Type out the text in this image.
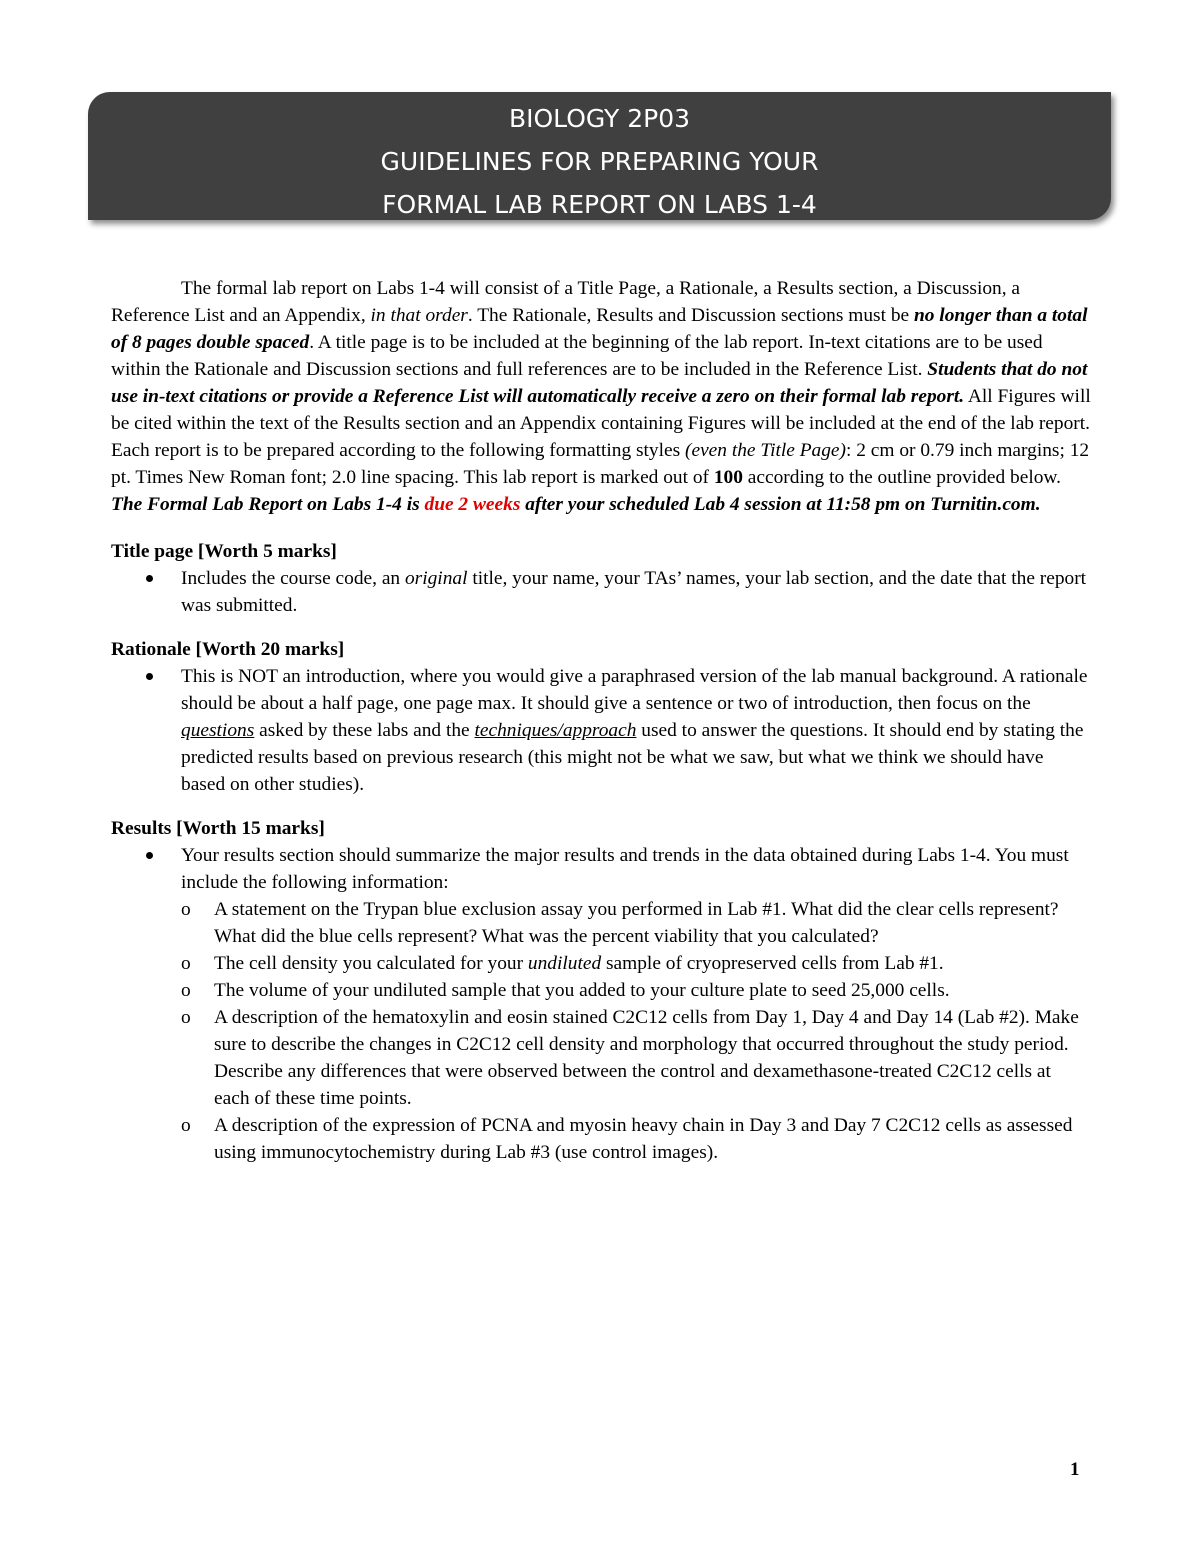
BIOLOGY 2P03
GUIDELINES FOR PREPARING YOUR
FORMAL LAB REPORT ON LABS 1-4

The formal lab report on Labs 1-4 will consist of a Title Page, a Rationale, a Results section, a Discussion, a Reference List and an Appendix, in that order. The Rationale, Results and Discussion sections must be no longer than a total of 8 pages double spaced. A title page is to be included at the beginning of the lab report. In-text citations are to be used within the Rationale and Discussion sections and full references are to be included in the Reference List. Students that do not use in-text citations or provide a Reference List will automatically receive a zero on their formal lab report. All Figures will be cited within the text of the Results section and an Appendix containing Figures will be included at the end of the lab report. Each report is to be prepared according to the following formatting styles (even the Title Page): 2 cm or 0.79 inch margins; 12 pt. Times New Roman font; 2.0 line spacing. This lab report is marked out of 100 according to the outline provided below. The Formal Lab Report on Labs 1-4 is due 2 weeks after your scheduled Lab 4 session at 11:58 pm on Turnitin.com.

Title page [Worth 5 marks]
Includes the course code, an original title, your name, your TAs’ names, your lab section, and the date that the report was submitted.
Rationale [Worth 20 marks]
This is NOT an introduction, where you would give a paraphrased version of the lab manual background. A rationale should be about a half page, one page max. It should give a sentence or two of introduction, then focus on the questions asked by these labs and the techniques/approach used to answer the questions. It should end by stating the predicted results based on previous research (this might not be what we saw, but what we think we should have based on other studies).
Results [Worth 15 marks]
Your results section should summarize the major results and trends in the data obtained during Labs 1-4. You must include the following information:
o A statement on the Trypan blue exclusion assay you performed in Lab #1. What did the clear cells represent? What did the blue cells represent? What was the percent viability that you calculated?
o The cell density you calculated for your undiluted sample of cryopreserved cells from Lab #1.
o The volume of your undiluted sample that you added to your culture plate to seed 25,000 cells.
o A description of the hematoxylin and eosin stained C2C12 cells from Day 1, Day 4 and Day 14 (Lab #2). Make sure to describe the changes in C2C12 cell density and morphology that occurred throughout the study period. Describe any differences that were observed between the control and dexamethasone-treated C2C12 cells at each of these time points.
o A description of the expression of PCNA and myosin heavy chain in Day 3 and Day 7 C2C12 cells as assessed using immunocytochemistry during Lab #3 (use control images).
1
